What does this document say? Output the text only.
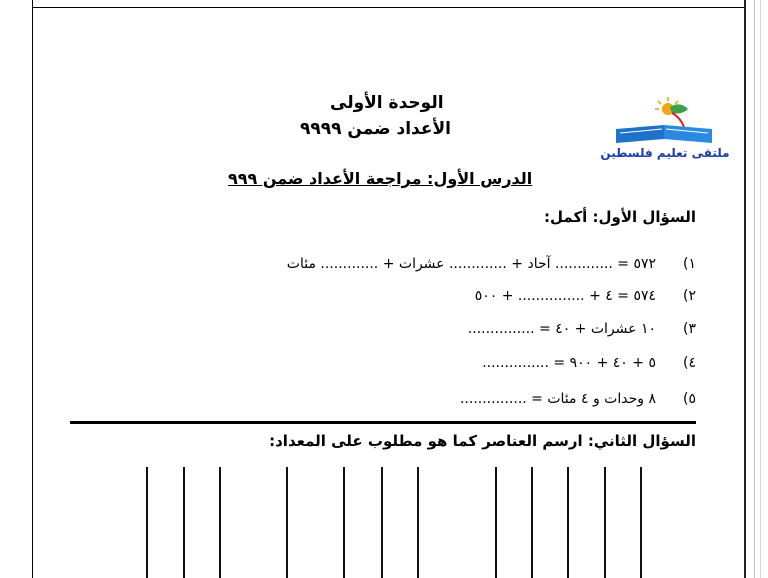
الوحدة الأولى
الأعداد ضمن ٩٩٩٩
ملتقى تعليم فلسطين
الدرس الأول: مراجعة الأعداد ضمن ٩٩٩
السؤال الأول: أكمل:
١)
٥٧٢ = ............. آحاد + ............. عشرات + ............. مئات
٢)
٥٧٤ = ٤ + ............... + ٥٠٠
٣)
١٠ عشرات + ٤٠ = ...............
٤)
٥ + ٤٠ + ٩٠٠ = ...............
٥)
٨ وحدات و ٤ مئات = ...............
السؤال الثاني: ارسم العناصر كما هو مطلوب على المعداد:
